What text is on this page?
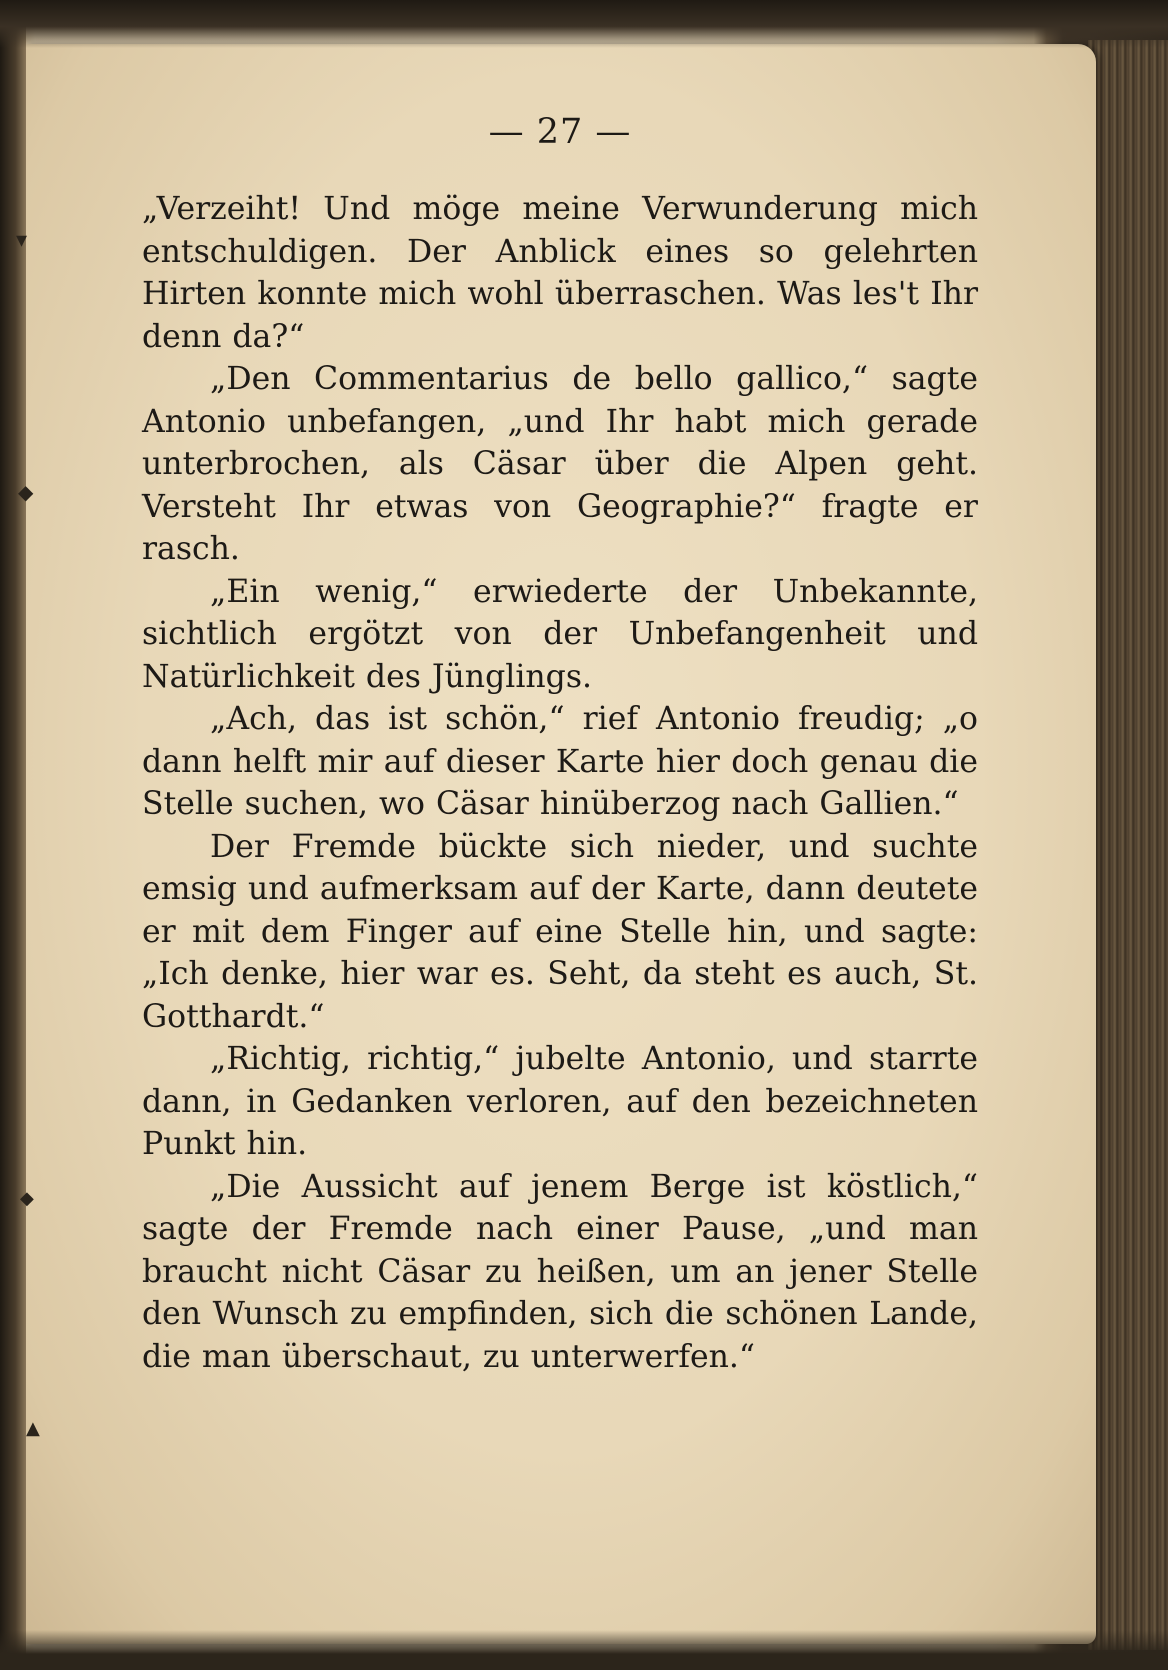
▾
◆
◆
▲
— 27 —

„Verzeiht! Und möge meine Verwunderung mich entschuldigen. Der Anblick eines so gelehrten Hirten konnte mich wohl überraschen. Was les't Ihr denn da?“

„Den Commentarius de bello gallico,“ sagte Antonio unbefangen, „und Ihr habt mich gerade unterbrochen, als Cäsar über die Alpen geht. Versteht Ihr etwas von Geographie?“ fragte er rasch.

„Ein wenig,“ erwiederte der Unbekannte, sichtlich ergötzt von der Unbefangenheit und Natürlichkeit des Jünglings.

„Ach, das ist schön,“ rief Antonio freudig; „o dann helft mir auf dieser Karte hier doch genau die Stelle suchen, wo Cäsar hinüberzog nach Gallien.“

Der Fremde bückte sich nieder, und suchte emsig und aufmerksam auf der Karte, dann deutete er mit dem Finger auf eine Stelle hin, und sagte: „Ich denke, hier war es. Seht, da steht es auch, St. Gotthardt.“

„Richtig, richtig,“ jubelte Antonio, und starrte dann, in Gedanken verloren, auf den bezeichneten Punkt hin.

„Die Aussicht auf jenem Berge ist köstlich,“ sagte der Fremde nach einer Pause, „und man braucht nicht Cäsar zu heißen, um an jener Stelle den Wunsch zu empfinden, sich die schönen Lande, die man überschaut, zu unterwerfen.“
